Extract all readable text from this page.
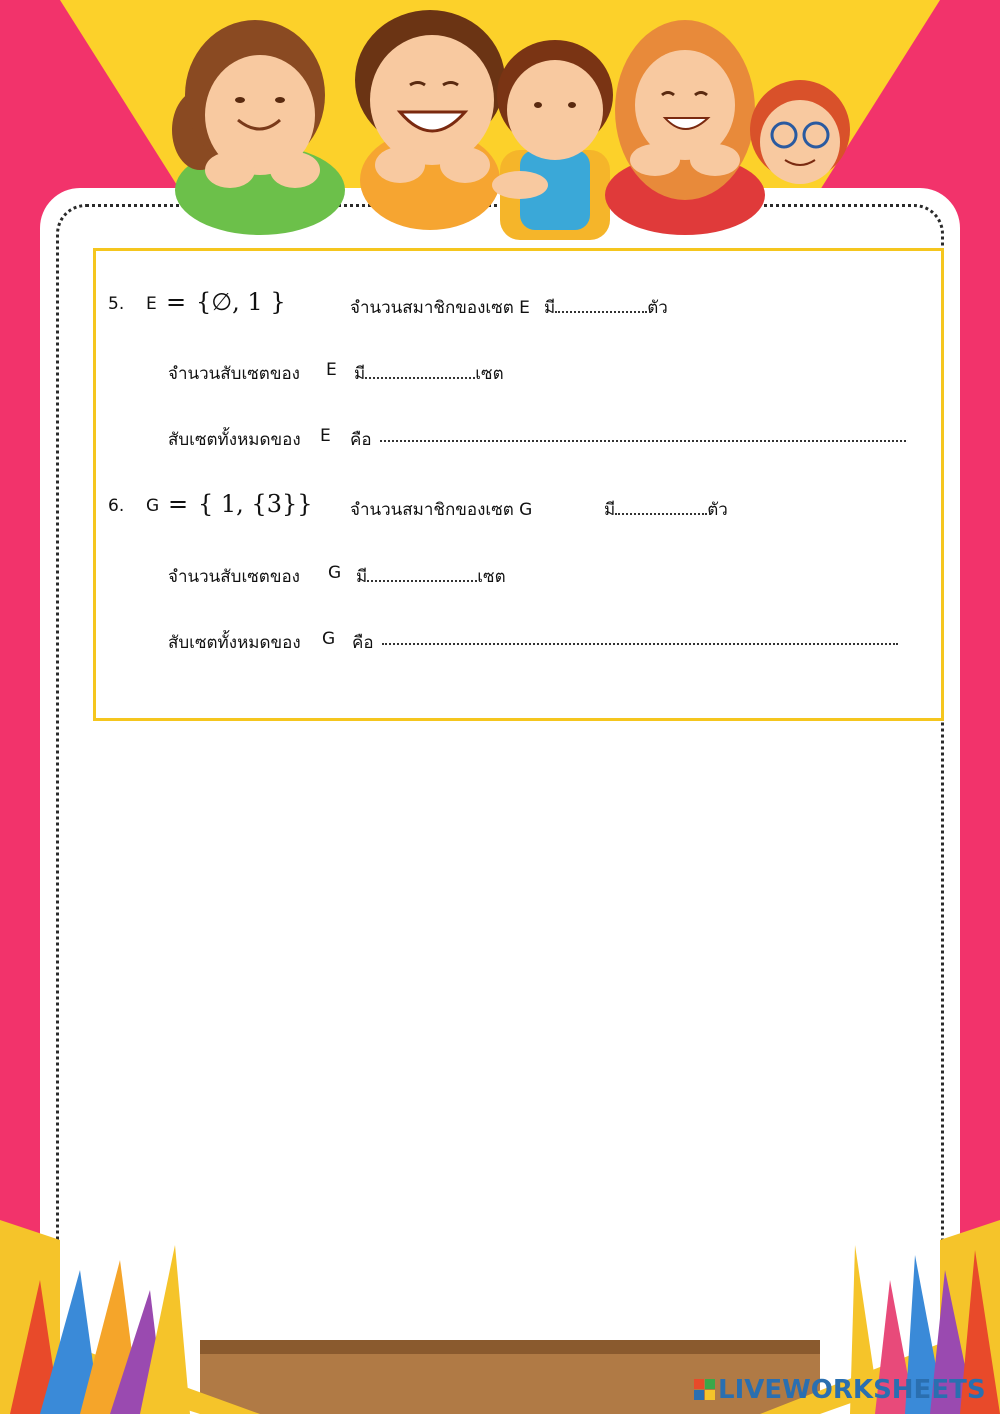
5. E = {∅, 1 }	จำนวนสมาชิกของเซต E มี	ตัว
จำนวนสับเซตของ E มี	เซต
สับเซตทั้งหมดของ E คือ
6. G = { 1, {3}} จำนวนสมาชิกของเซต G	มี	ตัว
จำนวนสับเซตของ G มี	เซต
สับเซตทั้งหมดของ G คือ
LIVEWORKSHEETS
